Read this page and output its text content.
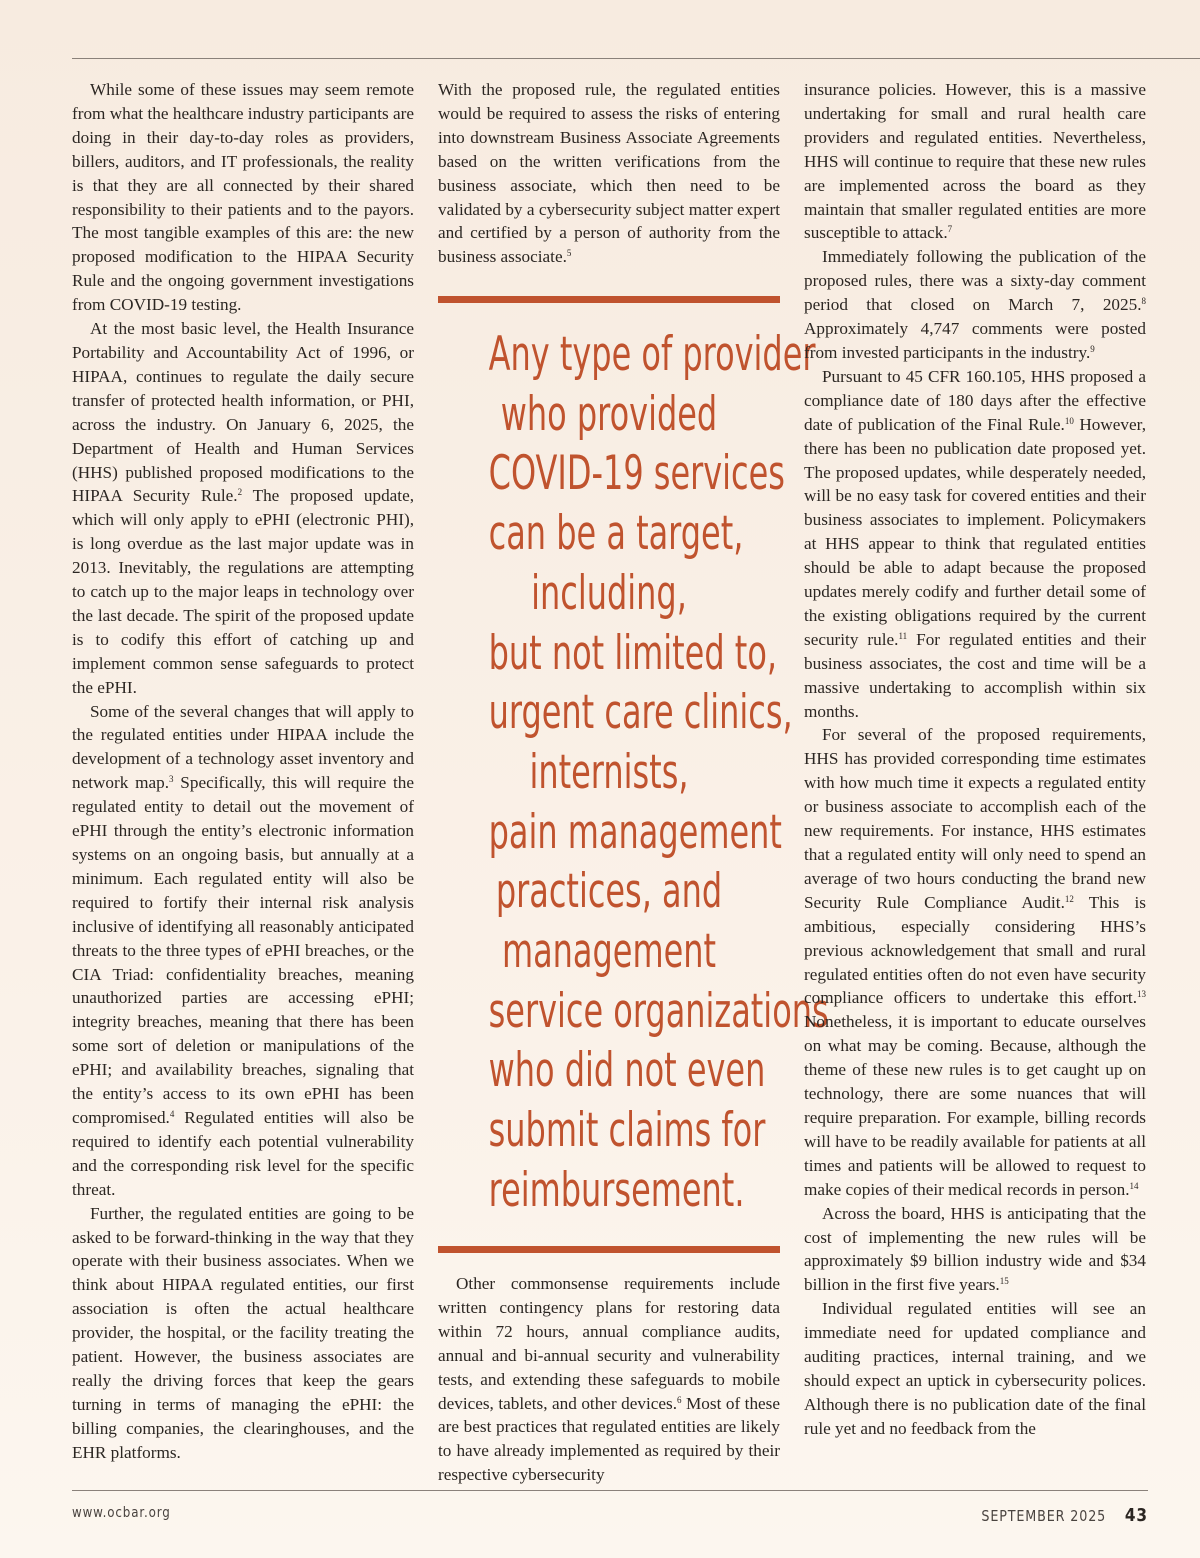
While some of these issues may seem remote from what the healthcare industry participants are doing in their day-to-day roles as providers, billers, auditors, and IT professionals, the reality is that they are all connected by their shared responsibility to their patients and to the payors. The most tangible examples of this are: the new proposed modification to the HIPAA Security Rule and the ongoing government investigations from COVID-19 testing.

At the most basic level, the Health Insurance Portability and Accountability Act of 1996, or HIPAA, continues to regulate the daily secure transfer of protected health information, or PHI, across the industry. On January 6, 2025, the Department of Health and Human Services (HHS) published proposed modifications to the HIPAA Security Rule.$^2$ The proposed update, which will only apply to ePHI (electronic PHI), is long overdue as the last major update was in 2013. Inevitably, the regulations are attempting to catch up to the major leaps in technology over the last decade. The spirit of the proposed update is to codify this effort of catching up and implement common sense safeguards to protect the ePHI.

Some of the several changes that will apply to the regulated entities under HIPAA include the development of a technology asset inventory and network map.$^3$ Specifically, this will require the regulated entity to detail out the movement of ePHI through the entity’s electronic information systems on an ongoing basis, but annually at a minimum. Each regulated entity will also be required to fortify their internal risk analysis inclusive of identifying all reasonably anticipated threats to the three types of ePHI breaches, or the CIA Triad: confidentiality breaches, meaning unauthorized parties are accessing ePHI; integrity breaches, meaning that there has been some sort of deletion or manipulations of the ePHI; and availability breaches, signaling that the entity’s access to its own ePHI has been compromised.$^4$ Regulated entities will also be required to identify each potential vulnerability and the corresponding risk level for the specific threat.

Further, the regulated entities are going to be asked to be forward-thinking in the way that they operate with their business associates. When we think about HIPAA regulated entities, our first association is often the actual healthcare provider, the hospital, or the facility treating the patient. However, the business associates are really the driving forces that keep the gears turning in terms of managing the ePHI: the billing companies, the clearinghouses, and the EHR platforms.

With the proposed rule, the regulated entities would be required to assess the risks of entering into downstream Business Associate Agreements based on the written verifications from the business associate, which then need to be validated by a cybersecurity subject matter expert and certified by a person of authority from the business associate.$^5$

Any type of provider
who provided
COVID-19 services
can be a target,
including,
but not limited to,
urgent care clinics,
internists,
pain management
practices, and
management
service organizations
who did not even
submit claims for
reimbursement.

Other commonsense requirements include written contingency plans for restoring data within 72 hours, annual compliance audits, annual and bi-annual security and vulnerability tests, and extending these safeguards to mobile devices, tablets, and other devices.$^6$ Most of these are best practices that regulated entities are likely to have already implemented as required by their respective cybersecurity

insurance policies. However, this is a massive undertaking for small and rural health care providers and regulated entities. Nevertheless, HHS will continue to require that these new rules are implemented across the board as they maintain that smaller regulated entities are more susceptible to attack.$^7$

Immediately following the publication of the proposed rules, there was a sixty-day comment period that closed on March 7, 2025.$^8$ Approximately 4,747 comments were posted from invested participants in the industry.$^9$

Pursuant to 45 CFR 160.105, HHS proposed a compliance date of 180 days after the effective date of publication of the Final Rule.$^{10}$ However, there has been no publication date proposed yet. The proposed updates, while desperately needed, will be no easy task for covered entities and their business associates to implement. Policymakers at HHS appear to think that regulated entities should be able to adapt because the proposed updates merely codify and further detail some of the existing obligations required by the current security rule.$^{11}$ For regulated entities and their business associates, the cost and time will be a massive undertaking to accomplish within six months.

For several of the proposed requirements, HHS has provided corresponding time estimates with how much time it expects a regulated entity or business associate to accomplish each of the new requirements. For instance, HHS estimates that a regulated entity will only need to spend an average of two hours conducting the brand new Security Rule Compliance Audit.$^{12}$ This is ambitious, especially considering HHS’s previous acknowledgement that small and rural regulated entities often do not even have security compliance officers to undertake this effort.$^{13}$ Nonetheless, it is important to educate ourselves on what may be coming. Because, although the theme of these new rules is to get caught up on technology, there are some nuances that will require preparation. For example, billing records will have to be readily available for patients at all times and patients will be allowed to request to make copies of their medical records in person.$^{14}$

Across the board, HHS is anticipating that the cost of implementing the new rules will be approximately $9 billion industry wide and $34 billion in the first five years.$^{15}$

Individual regulated entities will see an immediate need for updated compliance and auditing practices, internal training, and we should expect an uptick in cybersecurity polices. Although there is no publication date of the final rule yet and no feedback from the

www.ocbar.org	SEPTEMBER 2025 43
